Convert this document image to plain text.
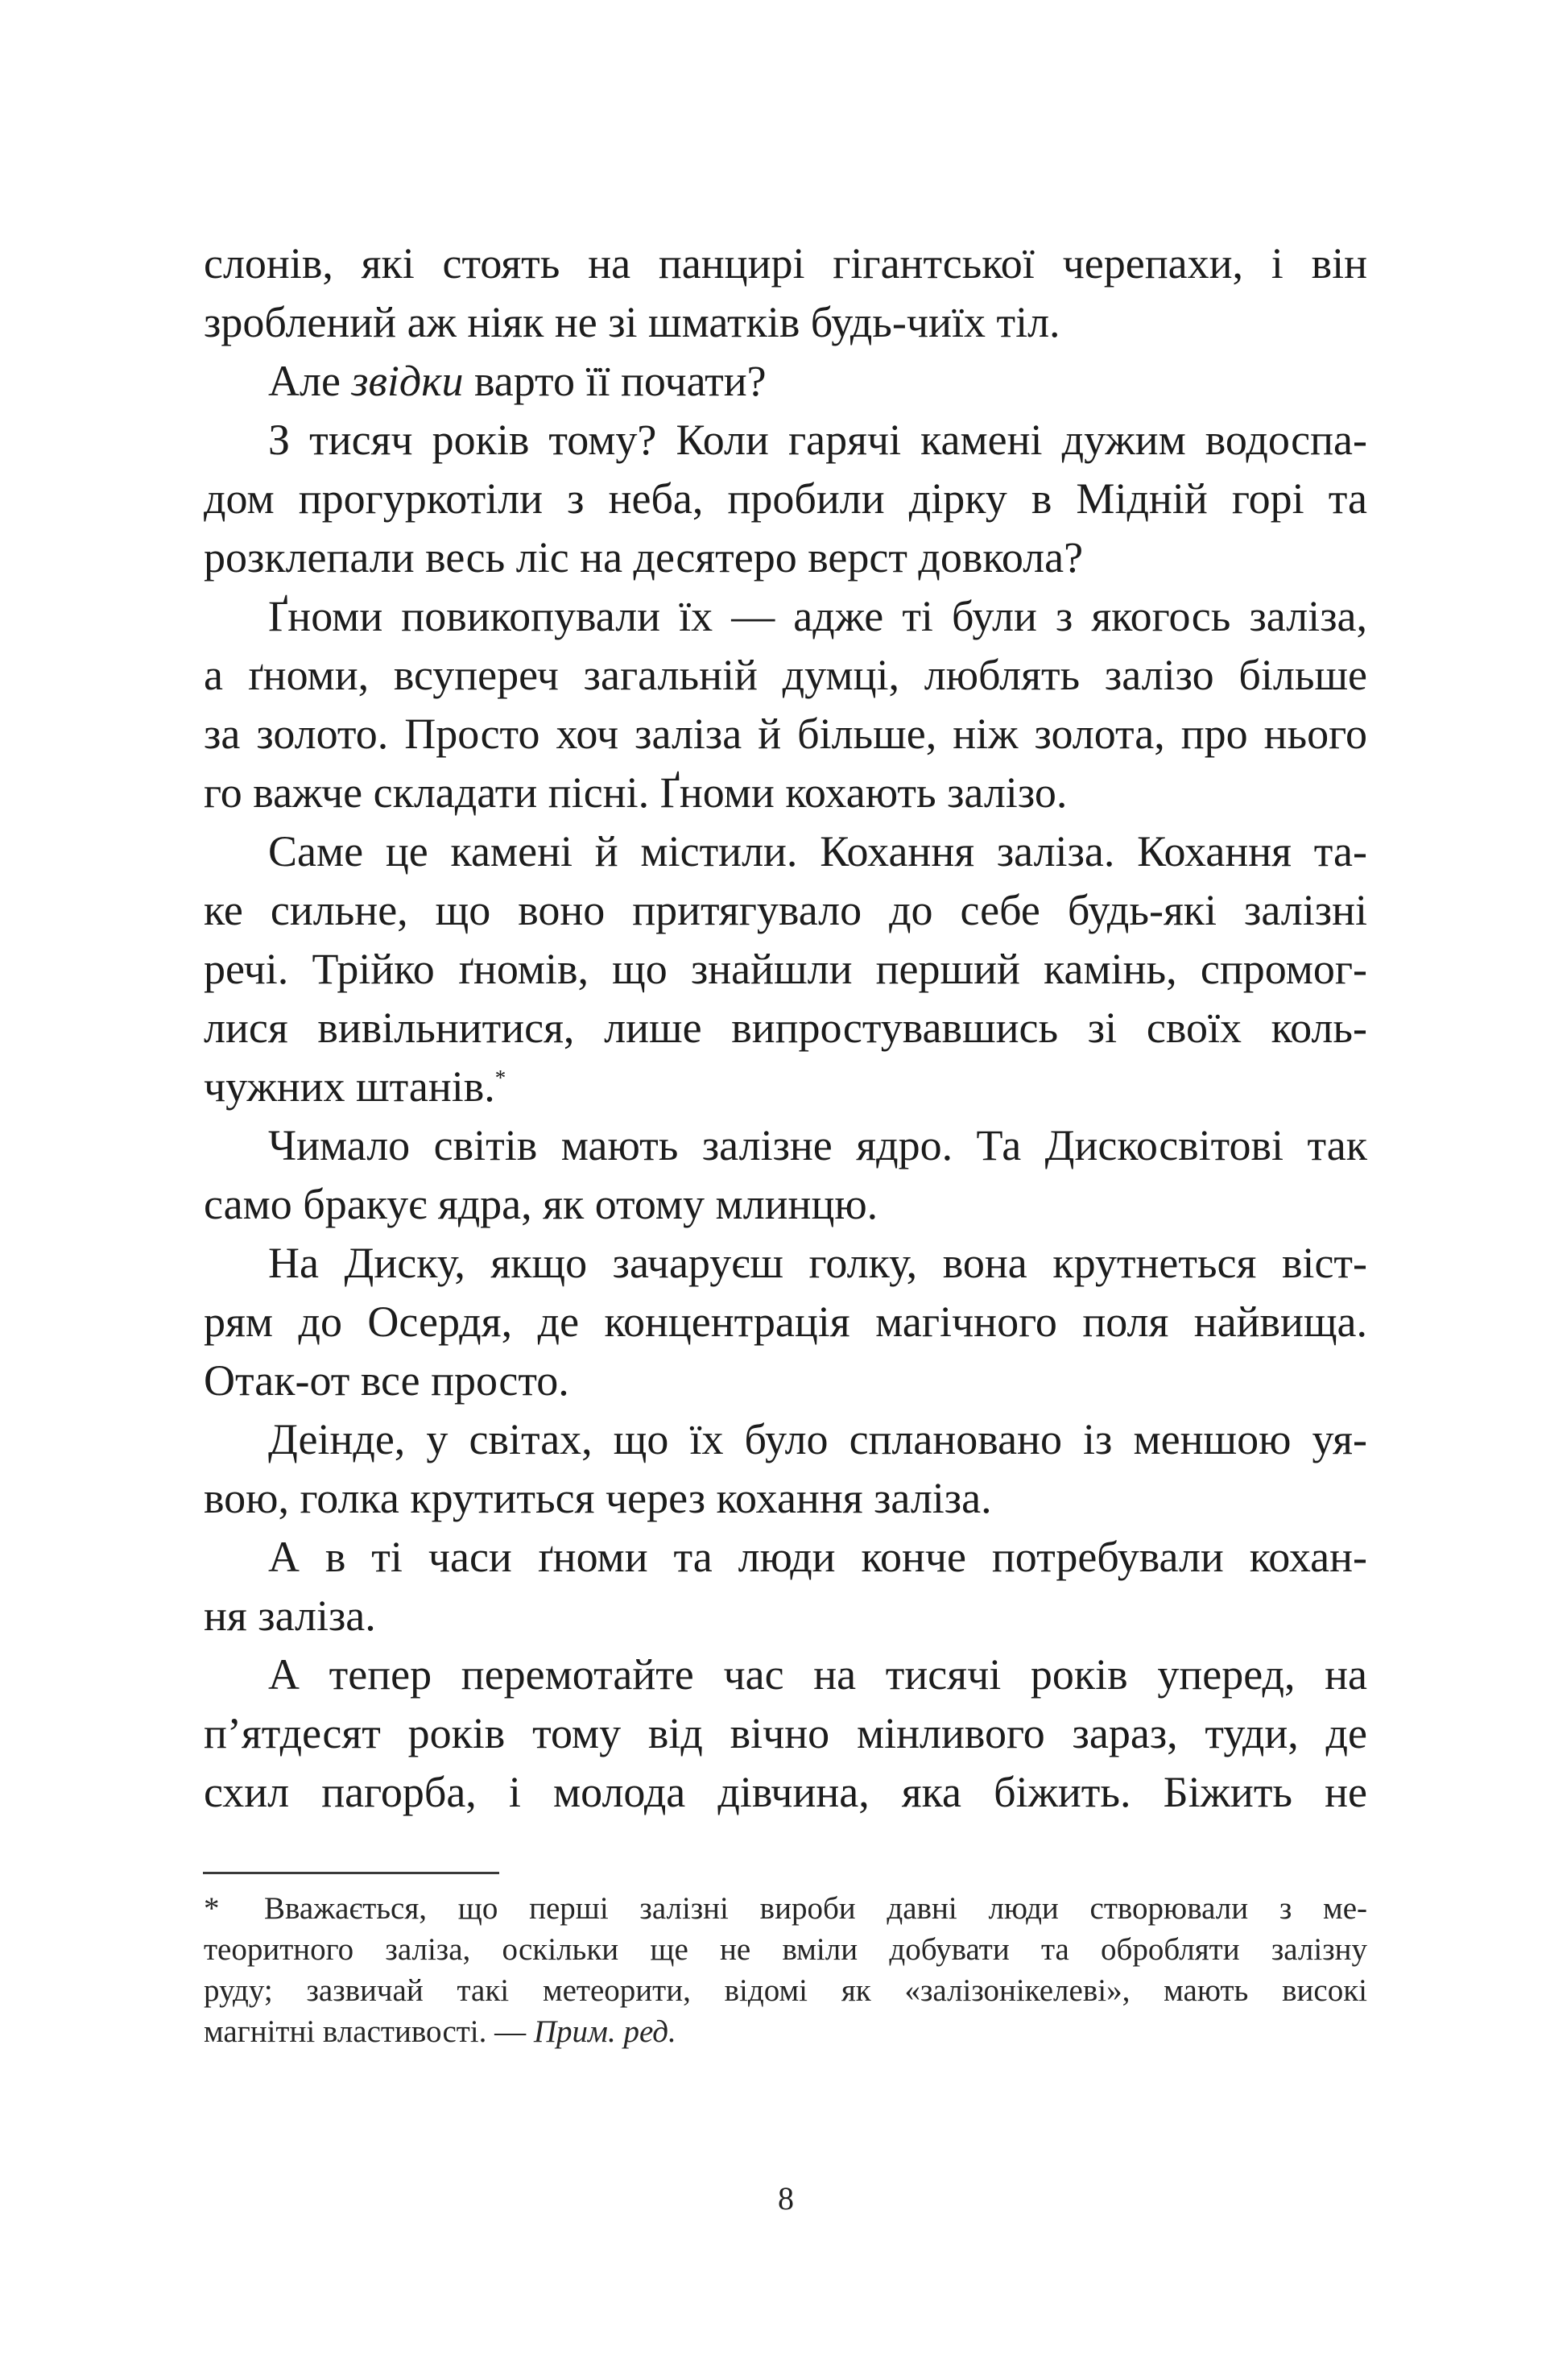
слонів, які стоять на панцирі гігантської черепахи, і він
зроблений аж ніяк не зі шматків будь-чиїх тіл.
Але звідки варто її почати?
З тисяч років тому? Коли гарячі камені дужим водоспа-
дом прогуркотіли з неба, пробили дірку в Мідній горі та
розклепали весь ліс на десятеро верст довкола?
Ґноми повикопували їх — адже ті були з якогось заліза,
а ґноми, всупереч загальній думці, люблять залізо більше
за золото. Просто хоч заліза й більше, ніж золота, про нього
го важче складати пісні. Ґноми кохають залізо.
Саме це камені й містили. Кохання заліза. Кохання та-
ке сильне, що воно притягувало до себе будь-які залізні
речі. Трійко ґномів, що знайшли перший камінь, спромог-
лися вивільнитися, лише випростувавшись зі своїх коль-
чужних штанів.*
Чимало світів мають залізне ядро. Та Дискосвітові так
само бракує ядра, як отому млинцю.
На Диску, якщо зачаруєш голку, вона крутнеться віст-
рям до Осердя, де концентрація магічного поля найвища.
Отак-от все просто.
Деінде, у світах, що їх було сплановано із меншою уя-
вою, голка крутиться через кохання заліза.
А в ті часи ґноми та люди конче потребували кохан-
ня заліза.
А тепер перемотайте час на тисячі років уперед, на
п’ятдесят років тому від вічно мінливого зараз, туди, де
схил пагорба, і молода дівчина, яка біжить. Біжить не
*	Вважається, що перші залізні вироби давні люди створювали з ме-
теоритного заліза, оскільки ще не вміли добувати та обробляти залізну
руду; зазвичай такі метеорити, відомі як «залізонікелеві», мають високі
магнітні властивості. — Прим. ред.
8
